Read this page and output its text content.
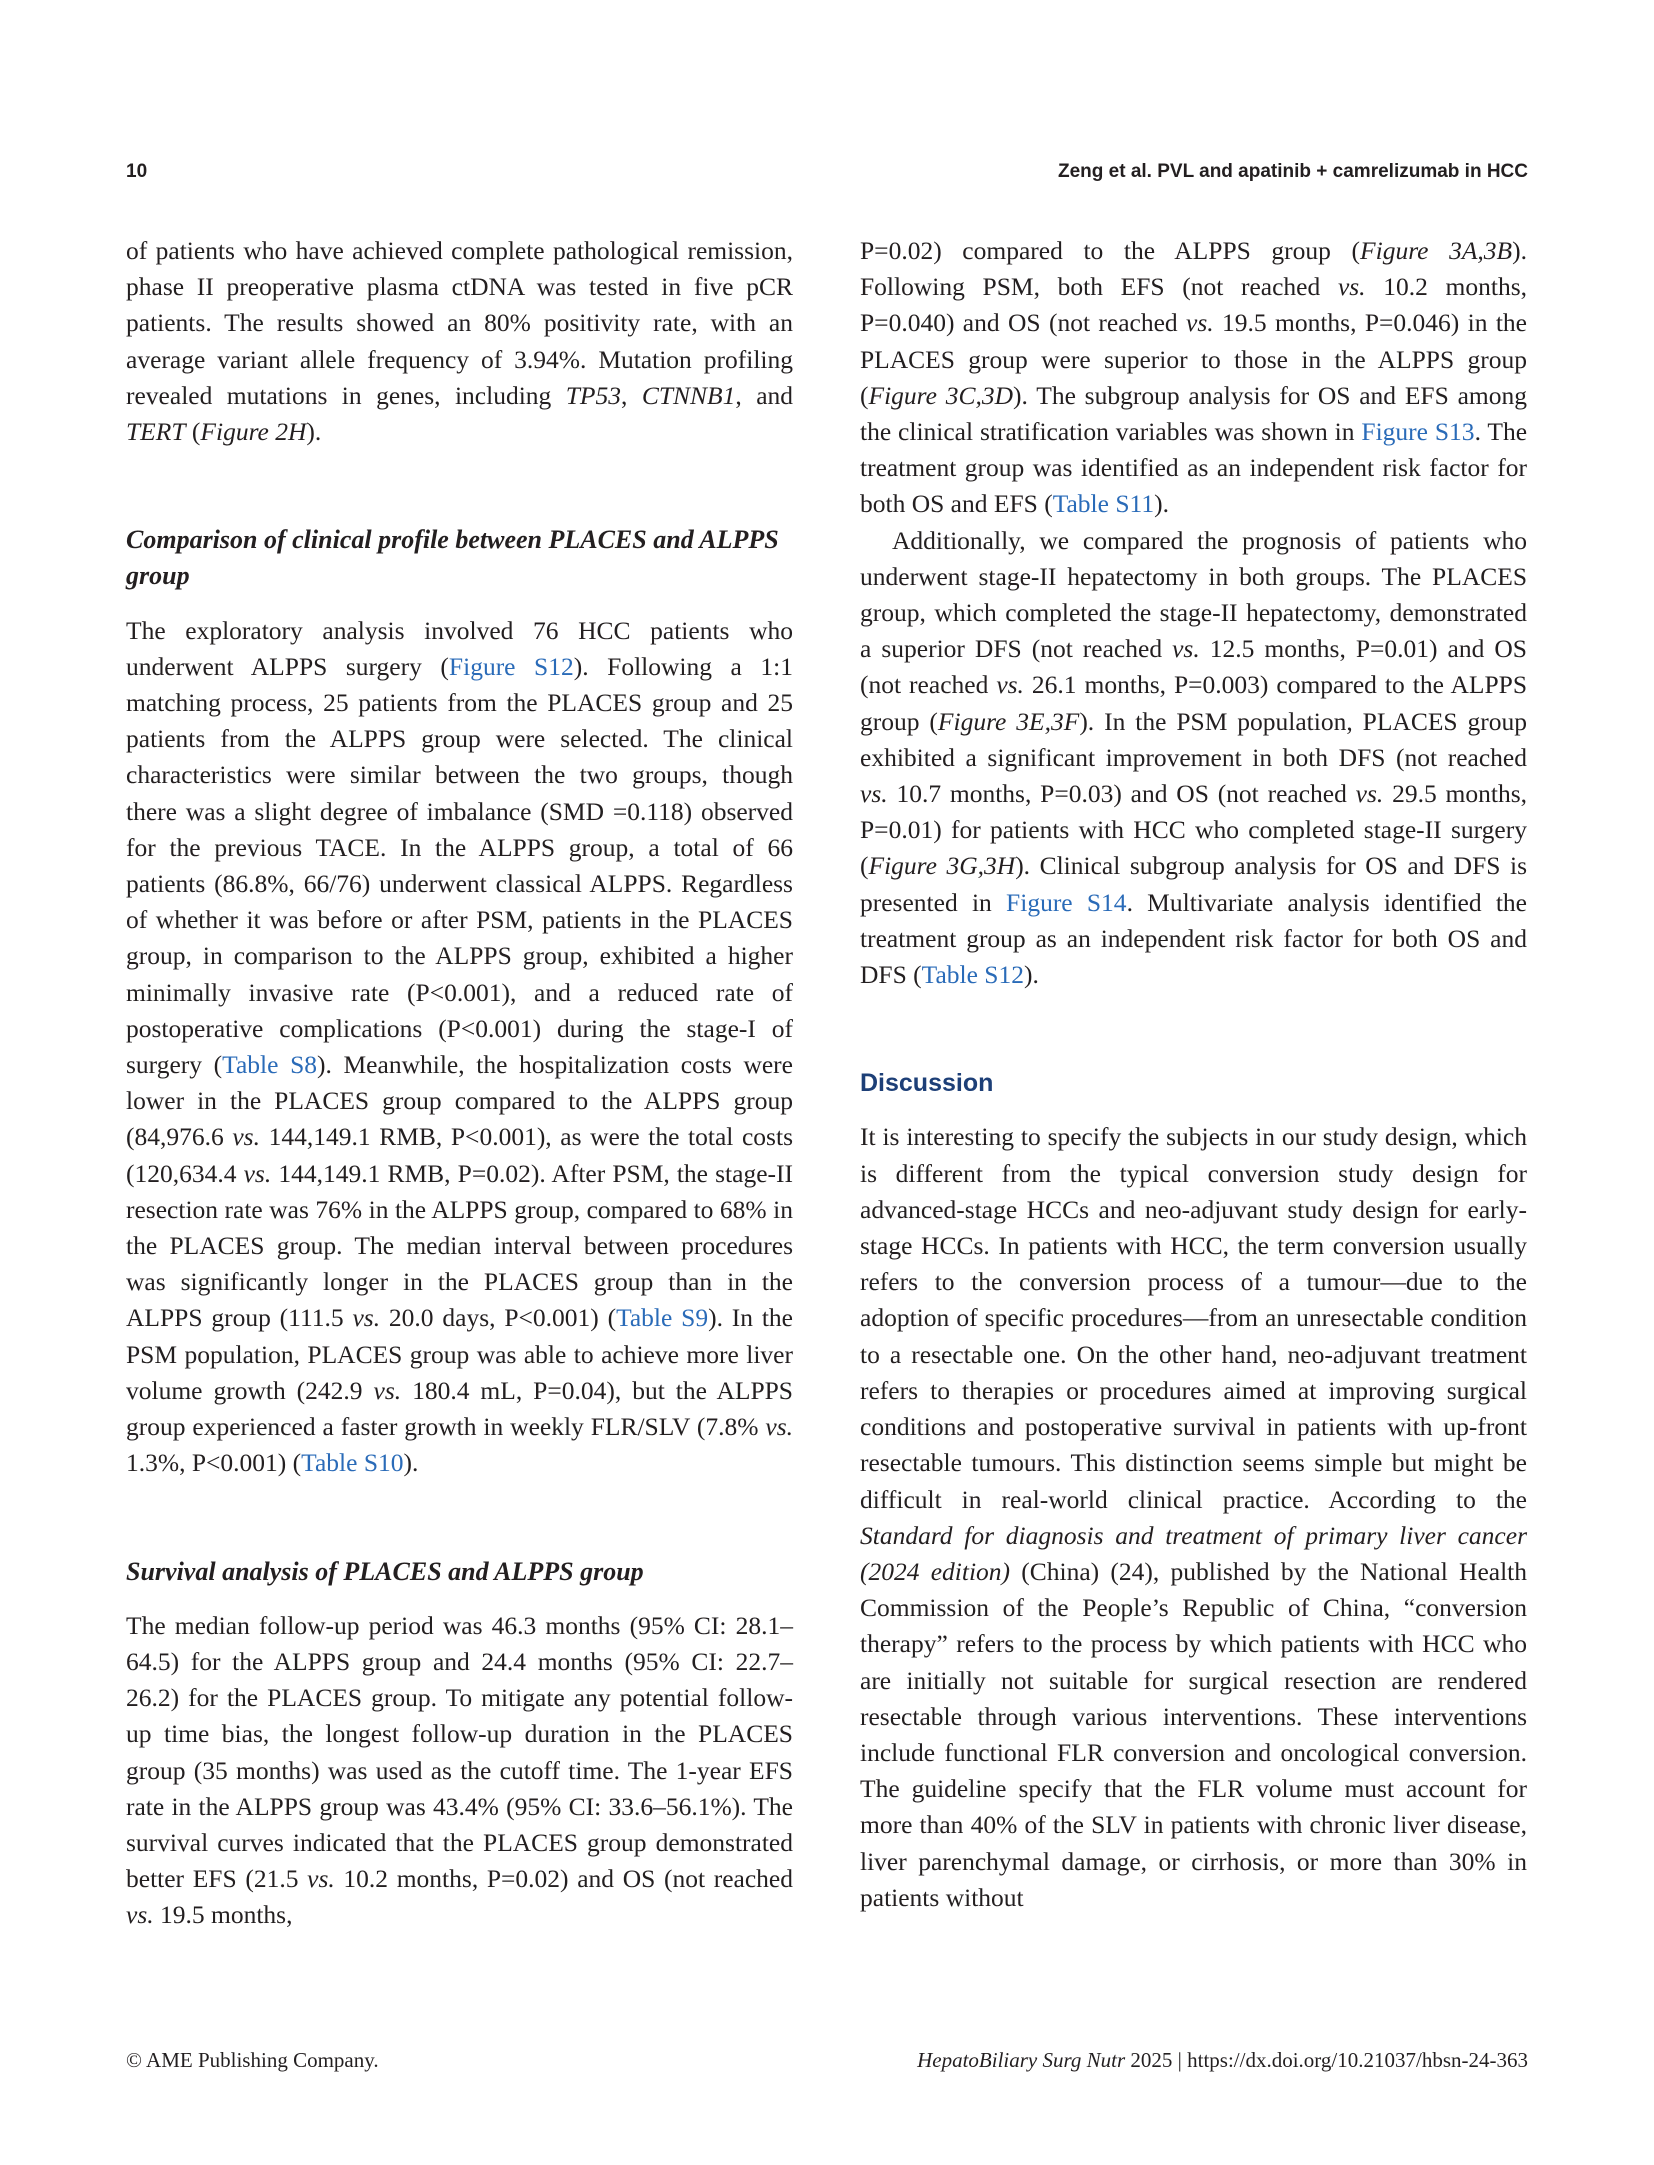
10	Zeng et al. PVL and apatinib + camrelizumab in HCC

of patients who have achieved complete pathological remission, phase II preoperative plasma ctDNA was tested in five pCR patients. The results showed an 80% positivity rate, with an average variant allele frequency of 3.94%. Mutation profiling revealed mutations in genes, including TP53, CTNNB1, and TERT (Figure 2H).

Comparison of clinical profile between PLACES and ALPPS group

The exploratory analysis involved 76 HCC patients who underwent ALPPS surgery (Figure S12). Following a 1:1 matching process, 25 patients from the PLACES group and 25 patients from the ALPPS group were selected. The clinical characteristics were similar between the two groups, though there was a slight degree of imbalance (SMD =0.118) observed for the previous TACE. In the ALPPS group, a total of 66 patients (86.8%, 66/76) underwent classical ALPPS. Regardless of whether it was before or after PSM, patients in the PLACES group, in comparison to the ALPPS group, exhibited a higher minimally invasive rate (P<0.001), and a reduced rate of postoperative complications (P<0.001) during the stage-I of surgery (Table S8). Meanwhile, the hospitalization costs were lower in the PLACES group compared to the ALPPS group (84,976.6 vs. 144,149.1 RMB, P<0.001), as were the total costs (120,634.4 vs. 144,149.1 RMB, P=0.02). After PSM, the stage-II resection rate was 76% in the ALPPS group, compared to 68% in the PLACES group. The median interval between procedures was significantly longer in the PLACES group than in the ALPPS group (111.5 vs. 20.0 days, P<0.001) (Table S9). In the PSM population, PLACES group was able to achieve more liver volume growth (242.9 vs. 180.4 mL, P=0.04), but the ALPPS group experienced a faster growth in weekly FLR/SLV (7.8% vs. 1.3%, P<0.001) (Table S10).

Survival analysis of PLACES and ALPPS group

The median follow-up period was 46.3 months (95% CI: 28.1–64.5) for the ALPPS group and 24.4 months (95% CI: 22.7–26.2) for the PLACES group. To mitigate any potential follow-up time bias, the longest follow-up duration in the PLACES group (35 months) was used as the cutoff time. The 1-year EFS rate in the ALPPS group was 43.4% (95% CI: 33.6–56.1%). The survival curves indicated that the PLACES group demonstrated better EFS (21.5 vs. 10.2 months, P=0.02) and OS (not reached vs. 19.5 months,

P=0.02) compared to the ALPPS group (Figure 3A,3B). Following PSM, both EFS (not reached vs. 10.2 months, P=0.040) and OS (not reached vs. 19.5 months, P=0.046) in the PLACES group were superior to those in the ALPPS group (Figure 3C,3D). The subgroup analysis for OS and EFS among the clinical stratification variables was shown in Figure S13. The treatment group was identified as an independent risk factor for both OS and EFS (Table S11).

Additionally, we compared the prognosis of patients who underwent stage-II hepatectomy in both groups. The PLACES group, which completed the stage-II hepatectomy, demonstrated a superior DFS (not reached vs. 12.5 months, P=0.01) and OS (not reached vs. 26.1 months, P=0.003) compared to the ALPPS group (Figure 3E,3F). In the PSM population, PLACES group exhibited a significant improvement in both DFS (not reached vs. 10.7 months, P=0.03) and OS (not reached vs. 29.5 months, P=0.01) for patients with HCC who completed stage-II surgery (Figure 3G,3H). Clinical subgroup analysis for OS and DFS is presented in Figure S14. Multivariate analysis identified the treatment group as an independent risk factor for both OS and DFS (Table S12).

Discussion

It is interesting to specify the subjects in our study design, which is different from the typical conversion study design for advanced-stage HCCs and neo-adjuvant study design for early-stage HCCs. In patients with HCC, the term conversion usually refers to the conversion process of a tumour—due to the adoption of specific procedures—from an unresectable condition to a resectable one. On the other hand, neo-adjuvant treatment refers to therapies or procedures aimed at improving surgical conditions and postoperative survival in patients with up-front resectable tumours. This distinction seems simple but might be difficult in real-world clinical practice. According to the Standard for diagnosis and treatment of primary liver cancer (2024 edition) (China) (24), published by the National Health Commission of the People’s Republic of China, “conversion therapy” refers to the process by which patients with HCC who are initially not suitable for surgical resection are rendered resectable through various interventions. These interventions include functional FLR conversion and oncological conversion. The guideline specify that the FLR volume must account for more than 40% of the SLV in patients with chronic liver disease, liver parenchymal damage, or cirrhosis, or more than 30% in patients without

© AME Publishing Company.	HepatoBiliary Surg Nutr 2025 | https://dx.doi.org/10.21037/hbsn-24-363
